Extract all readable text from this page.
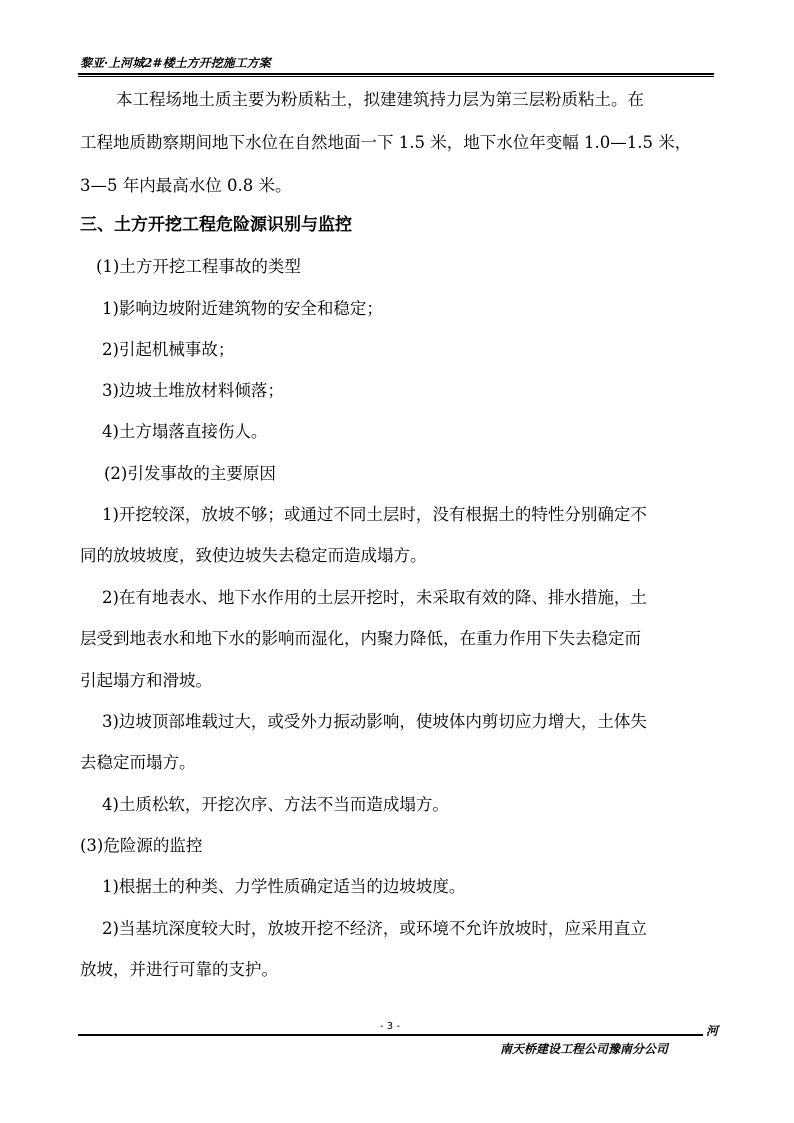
黎亚·上河城2#楼土方开挖施工方案
本工程场地土质主要为粉质粘土，拟建建筑持力层为第三层粉质粘土。在
工程地质勘察期间地下水位在自然地面一下 1.5 米，地下水位年变幅 1.0—1.5 米，
3—5 年内最高水位 0.8 米。
三、土方开挖工程危险源识别与监控
(1)土方开挖工程事故的类型
1)影响边坡附近建筑物的安全和稳定；
2)引起机械事故；
3)边坡土堆放材料倾落；
4)土方塌落直接伤人。
(2)引发事故的主要原因
1)开挖较深，放坡不够；或通过不同土层时，没有根据土的特性分别确定不
同的放坡坡度，致使边坡失去稳定而造成塌方。
2)在有地表水、地下水作用的土层开挖时，未采取有效的降、排水措施，土
层受到地表水和地下水的影响而湿化，内聚力降低，在重力作用下失去稳定而
引起塌方和滑坡。
3)边坡顶部堆载过大，或受外力振动影响，使坡体内剪切应力增大，土体失
去稳定而塌方。
4)土质松软，开挖次序、方法不当而造成塌方。
(3)危险源的监控
1)根据土的种类、力学性质确定适当的边坡坡度。
2)当基坑深度较大时，放坡开挖不经济，或环境不允许放坡时，应采用直立
放坡，并进行可靠的支护。
- 3 -	河
南天桥建设工程公司豫南分公司
